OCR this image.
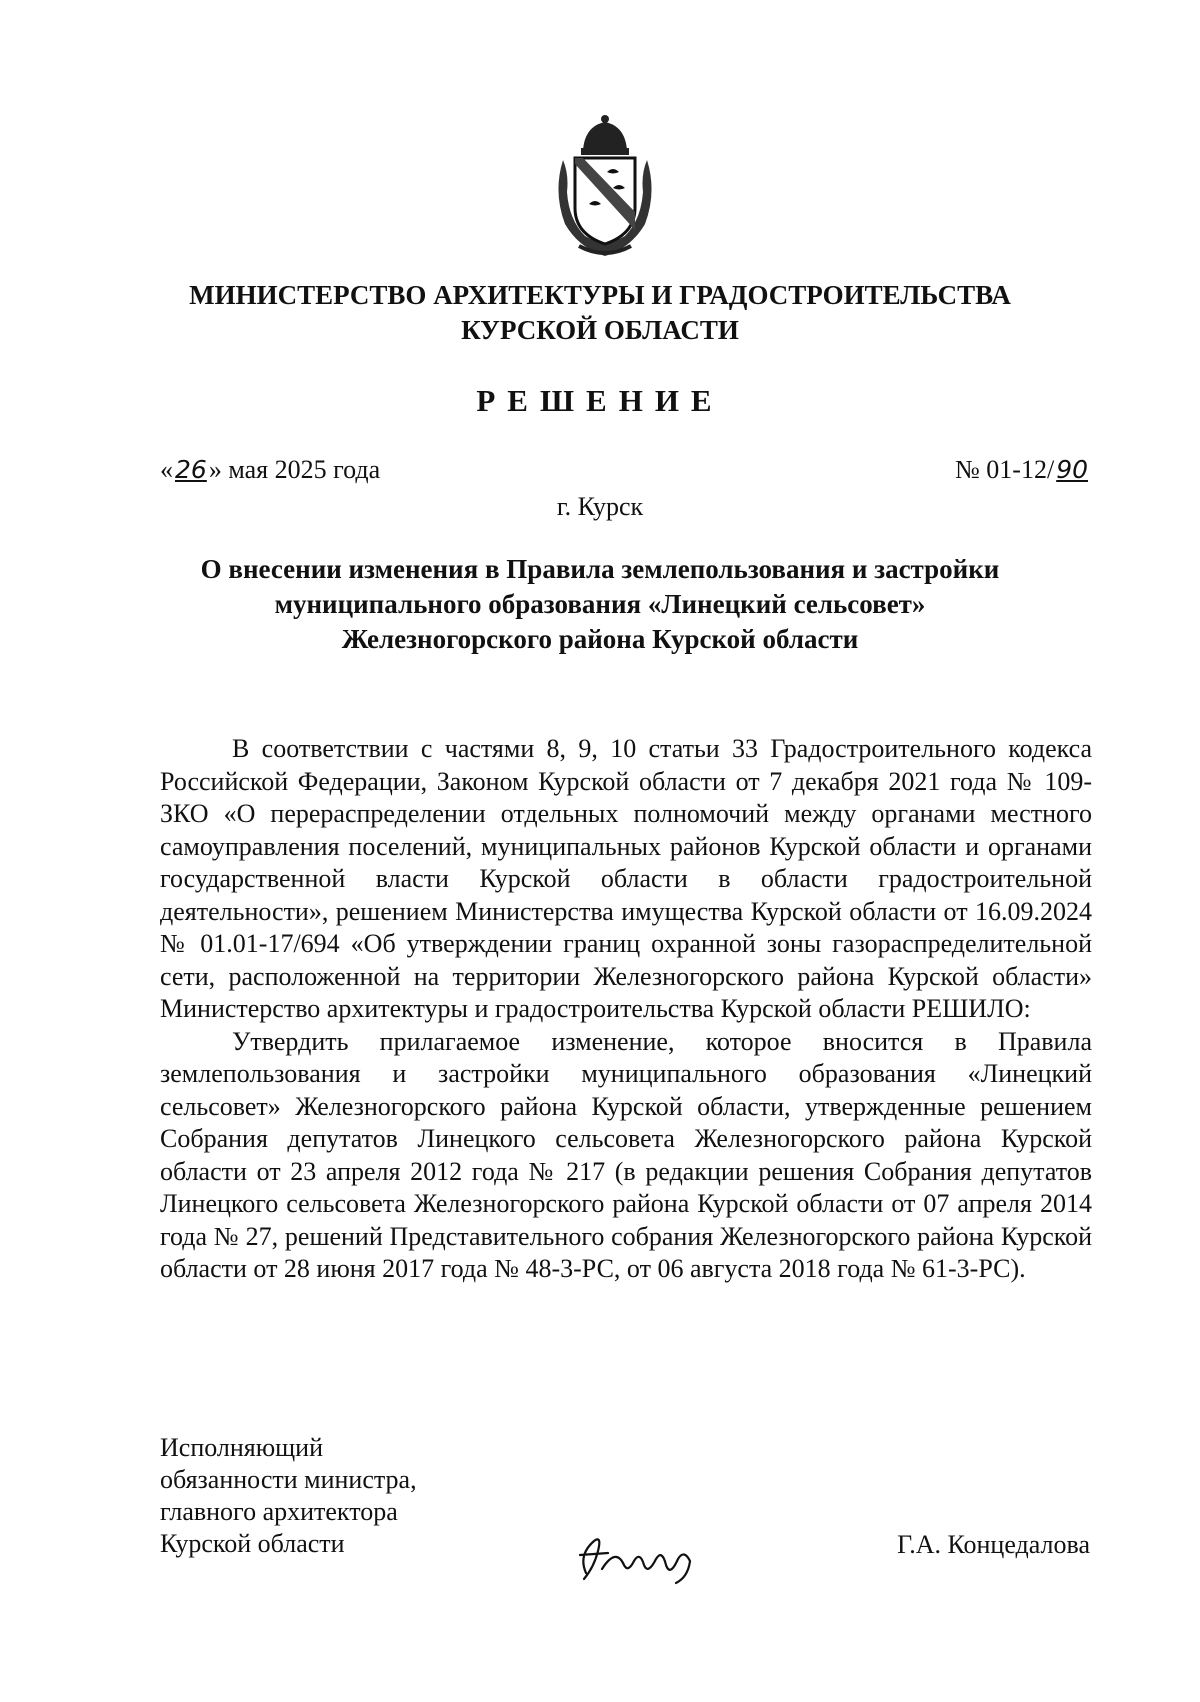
МИНИСТЕРСТВО АРХИТЕКТУРЫ И ГРАДОСТРОИТЕЛЬСТВА
КУРСКОЙ ОБЛАСТИ
РЕШЕНИЕ
«26» мая 2025 года	№ 01-12/90
г. Курск
О внесении изменения в Правила землепользования и застройки
муниципального образования «Линецкий сельсовет»
Железногорского района Курской области

В соответствии с частями 8, 9, 10 статьи 33 Градостроительного кодекса Российской Федерации, Законом Курской области от 7 декабря 2021 года № 109-ЗКО «О перераспределении отдельных полномочий между органами местного самоуправления поселений, муниципальных районов Курской области и органами государственной власти Курской области в области градостроительной деятельности», решением Министерства имущества Курской области от 16.09.2024 № 01.01-17/694 «Об утверждении границ охранной зоны газораспределительной сети, расположенной на территории Железногорского района Курской области» Министерство архитектуры и градостроительства Курской области РЕШИЛО:

Утвердить прилагаемое изменение, которое вносится в Правила землепользования и застройки муниципального образования «Линецкий сельсовет» Железногорского района Курской области, утвержденные решением Собрания депутатов Линецкого сельсовета Железногорского района Курской области от 23 апреля 2012 года № 217 (в редакции решения Собрания депутатов Линецкого сельсовета Железногорского района Курской области от 07 апреля 2014 года № 27, решений Представительного собрания Железногорского района Курской области от 28 июня 2017 года № 48-3-РС, от 06 августа 2018 года № 61-3-РС).

Исполняющий
обязанности министра,
главного архитектора
Курской области	Г.А. Концедалова
